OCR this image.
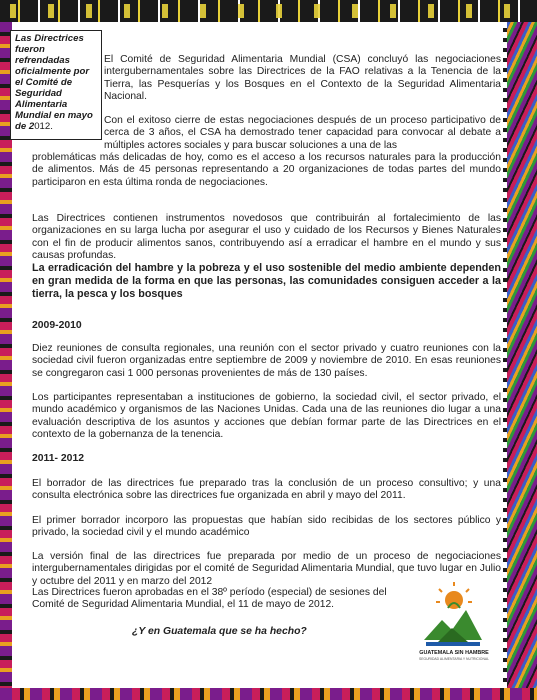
Las Directrices fueron refrendadas oficialmente por el Comité de Seguridad Alimentaria Mundial en mayo de 2012.
El Comité de Seguridad Alimentaria Mundial (CSA) concluyó las negociaciones intergubernamentales sobre las Directrices de la FAO relativas a la Tenencia de la Tierra, las Pesquerías y los Bosques en el Contexto de la Seguridad Alimentaria Nacional.
Con el exitoso cierre de estas negociaciones después de un proceso participativo de cerca de 3 años, el CSA ha demostrado tener capacidad para convocar al debate a múltiples actores sociales y para buscar soluciones a una de las
problemáticas más delicadas de hoy, como es el acceso a los recursos naturales para la producción de alimentos. Más de 45 personas representando a 20 organizaciones de todas partes del mundo participaron en esta última ronda de negociaciones.
Las Directrices contienen instrumentos novedosos que contribuirán al fortalecimiento de las organizaciones en su larga lucha por asegurar el uso y cuidado de los Recursos y Bienes Naturales con el fin de producir alimentos sanos, contribuyendo así a erradicar el hambre en el mundo y sus causas profundas.
La erradicación del hambre y la pobreza y el uso sostenible del medio ambiente dependen en gran medida de la forma en que las personas, las comunidades consiguen acceder a la tierra, la pesca y los bosques
2009-2010
Diez reuniones de consulta regionales, una reunión con el sector privado y cuatro reuniones con la sociedad civil fueron organizadas entre septiembre de 2009 y noviembre de 2010. En esas reuniones se congregaron casi 1 000 personas provenientes de más de 130 países.
Los participantes representaban a instituciones de gobierno, la sociedad civil, el sector privado, el mundo académico y organismos de las Naciones Unidas. Cada una de las reuniones dio lugar a una evaluación descriptiva de los asuntos y acciones que debían formar parte de las Directrices en el contexto de la gobernanza de la tenencia.
2011- 2012
El borrador de las directrices fue preparado tras la conclusión de un proceso consultivo; y una consulta electrónica sobre las directrices fue organizada en abril y mayo del 2011.
El primer borrador incorporo las propuestas que habían sido recibidas de los sectores público y privado, la sociedad civil y el mundo académico
La versión final de las directrices fue preparada por medio de un proceso de negociaciones intergubernamentales dirigidas por el comité de Seguridad Alimentaria Mundial, que tuvo lugar en Julio y octubre del 2011 y en marzo del 2012
Las Directrices fueron aprobadas en el 38º período (especial) de sesiones del Comité de Seguridad Alimentaria Mundial, el 11 de mayo de 2012.
¿Y en Guatemala que se ha hecho?
GUATEMALA SIN HAMBRE
SEGURIDAD ALIMENTARIA Y NUTRICIONAL
